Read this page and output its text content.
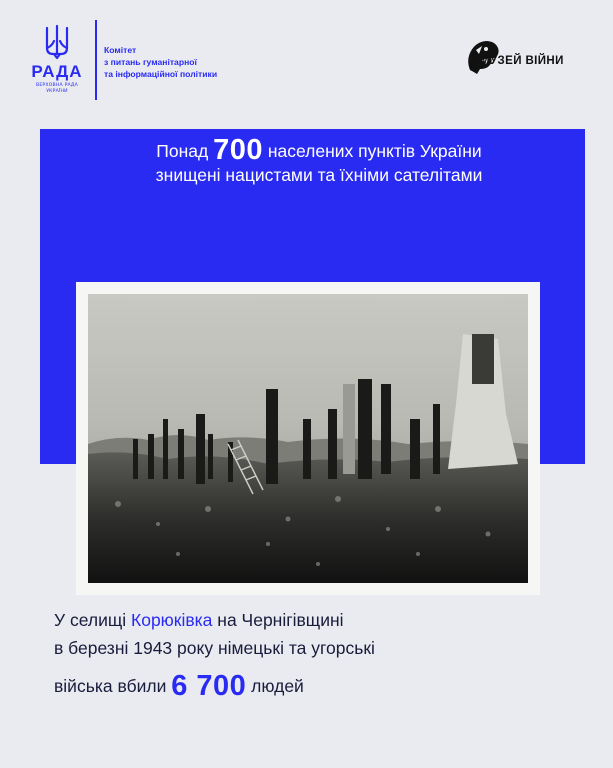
РАДА
ВЕРХОВНА РАДА
УКРАЇНИ
Комітет
з питань гуманітарної
та інформаційної політики
МУЗЕЙ ВІЙНИ
Понад 700 населених пунктів України
знищені нацистами та їхніми сателітами
У селищі Корюківка на Чернігівщині
в березні 1943 року німецькі та угорські
війська вбили 6 700 людей
